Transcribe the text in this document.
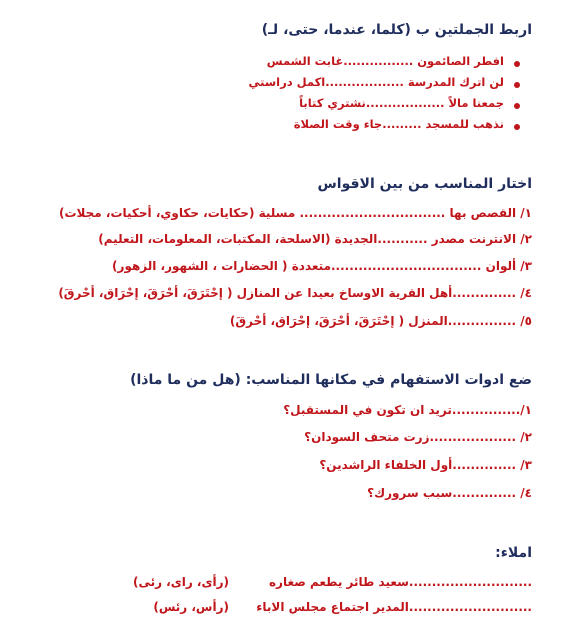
اربط الجملتين ب (كلما، عندما، حتى، لـ)
افطر الصائمون ................غابت الشمس
لن اترك المدرسة ..................اكمل دراستي
جمعنا مالاً ..................نشتري كتاباً
نذهب للمسجد .........جاء وقت الصلاة
اختار المناسب من بين الاقواس
١/ القصص بها ................................ مسلية (حكايات، حكاوي، أحكيات، مجلات)
٢/ الانترنت مصدر ...........الجديدة (الاسلحة، المكتبات، المعلومات، التعليم)
٣/ ألوان .................................متعددة ( الحضارات ، الشهور، الزهور)
٤/ ..............أهل القرية الاوساخ بعيدا عن المنازل ( إحْتَرَقَ، أحْرَقَ، إحْرَاق، أحْرقَ)
٥/ ...............المنزل ( إحْتَرَقَ، أحْرَقَ، إحْرَاق، أحْرقَ)
ضع ادوات الاستفهام في مكانها المناسب: (هل من ما ماذا)
١/...............تريد ان تكون في المستقبل؟
٢/ ...................زرت متحف السودان؟
٣/ ..............أول الخلفاء الراشدين؟
٤/ ..............سبب سرورك؟
املاء:
...........................سعيد طائر يطعم صغاره
(رأى، راى، رئى)
...........................المدير اجتماع مجلس الاباء
(رأس، رئس)
